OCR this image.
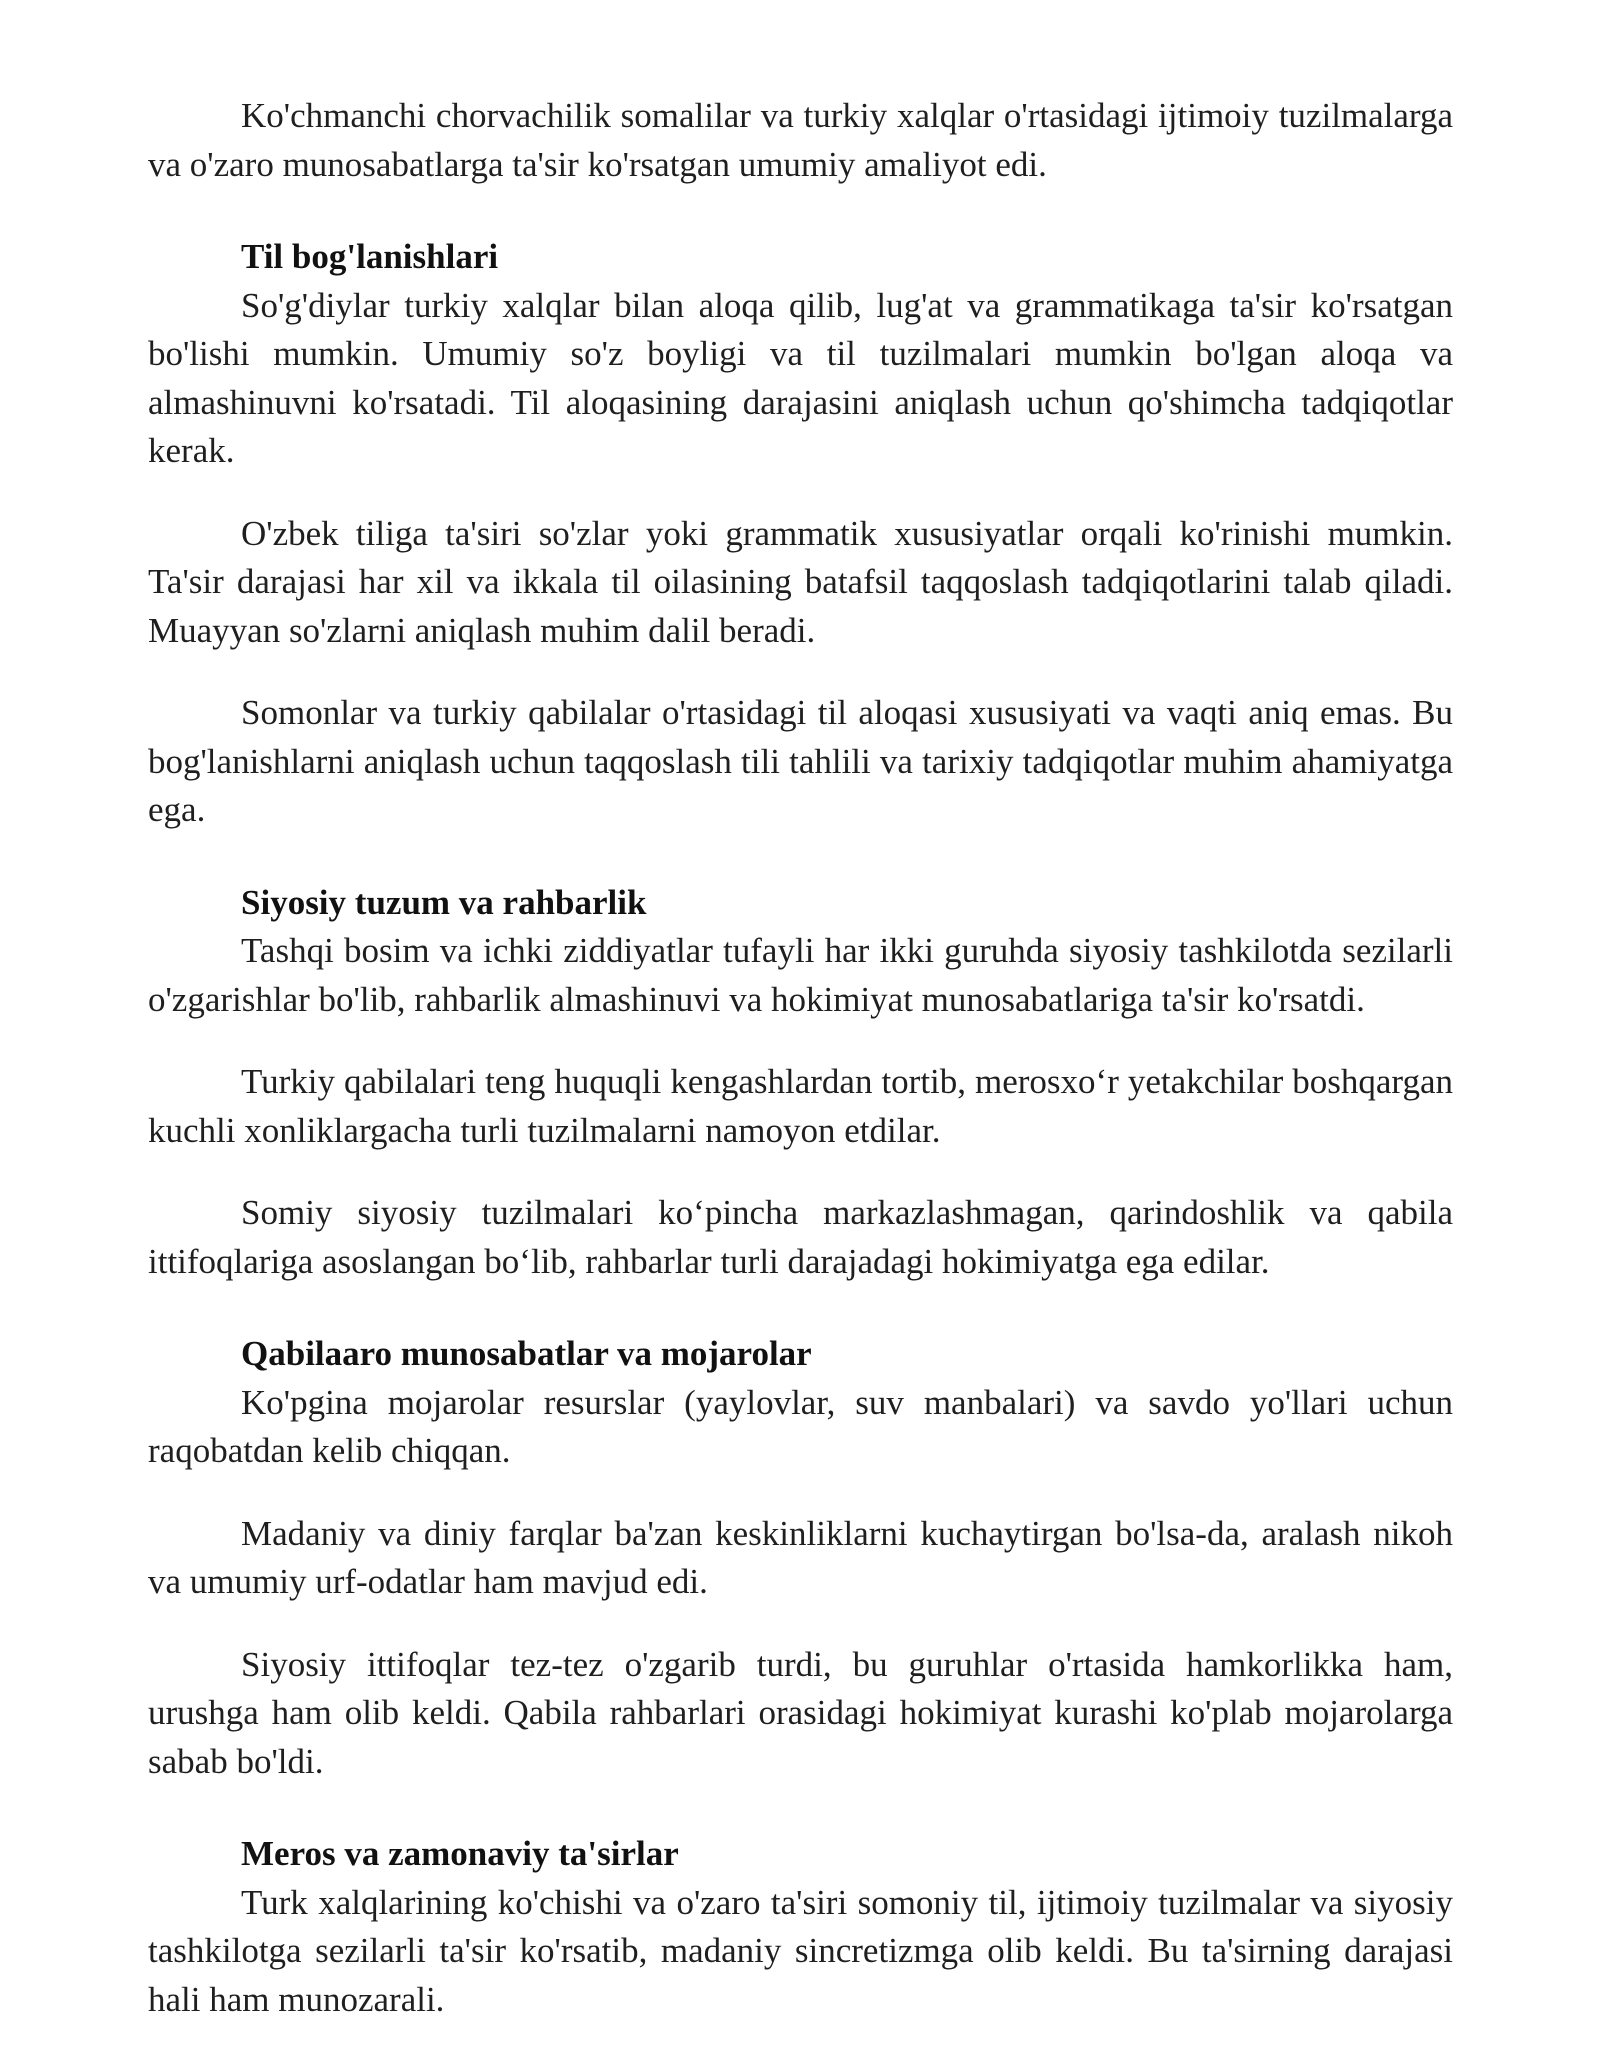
Ko'chmanchi chorvachilik somalilar va turkiy xalqlar o'rtasidagi ijtimoiy tuzilmalarga va o'zaro munosabatlarga ta'sir ko'rsatgan umumiy amaliyot edi.

Til bog'lanishlari

So'g'diylar turkiy xalqlar bilan aloqa qilib, lug'at va grammatikaga ta'sir ko'rsatgan bo'lishi mumkin. Umumiy so'z boyligi va til tuzilmalari mumkin bo'lgan aloqa va almashinuvni ko'rsatadi. Til aloqasining darajasini aniqlash uchun qo'shimcha tadqiqotlar kerak.

O'zbek tiliga ta'siri so'zlar yoki grammatik xususiyatlar orqali ko'rinishi mumkin. Ta'sir darajasi har xil va ikkala til oilasining batafsil taqqoslash tadqiqotlarini talab qiladi. Muayyan so'zlarni aniqlash muhim dalil beradi.

Somonlar va turkiy qabilalar o'rtasidagi til aloqasi xususiyati va vaqti aniq emas. Bu bog'lanishlarni aniqlash uchun taqqoslash tili tahlili va tarixiy tadqiqotlar muhim ahamiyatga ega.

Siyosiy tuzum va rahbarlik

Tashqi bosim va ichki ziddiyatlar tufayli har ikki guruhda siyosiy tashkilotda sezilarli o'zgarishlar bo'lib, rahbarlik almashinuvi va hokimiyat munosabatlariga ta'sir ko'rsatdi.

Turkiy qabilalari teng huquqli kengashlardan tortib, merosxo‘r yetakchilar boshqargan kuchli xonliklargacha turli tuzilmalarni namoyon etdilar.

Somiy siyosiy tuzilmalari ko‘pincha markazlashmagan, qarindoshlik va qabila ittifoqlariga asoslangan bo‘lib, rahbarlar turli darajadagi hokimiyatga ega edilar.

Qabilaaro munosabatlar va mojarolar

Ko'pgina mojarolar resurslar (yaylovlar, suv manbalari) va savdo yo'llari uchun raqobatdan kelib chiqqan.

Madaniy va diniy farqlar ba'zan keskinliklarni kuchaytirgan bo'lsa-da, aralash nikoh va umumiy urf-odatlar ham mavjud edi.

Siyosiy ittifoqlar tez-tez o'zgarib turdi, bu guruhlar o'rtasida hamkorlikka ham, urushga ham olib keldi. Qabila rahbarlari orasidagi hokimiyat kurashi ko'plab mojarolarga sabab bo'ldi.

Meros va zamonaviy ta'sirlar

Turk xalqlarining ko'chishi va o'zaro ta'siri somoniy til, ijtimoiy tuzilmalar va siyosiy tashkilotga sezilarli ta'sir ko'rsatib, madaniy sincretizmga olib keldi. Bu ta'sirning darajasi hali ham munozarali.
